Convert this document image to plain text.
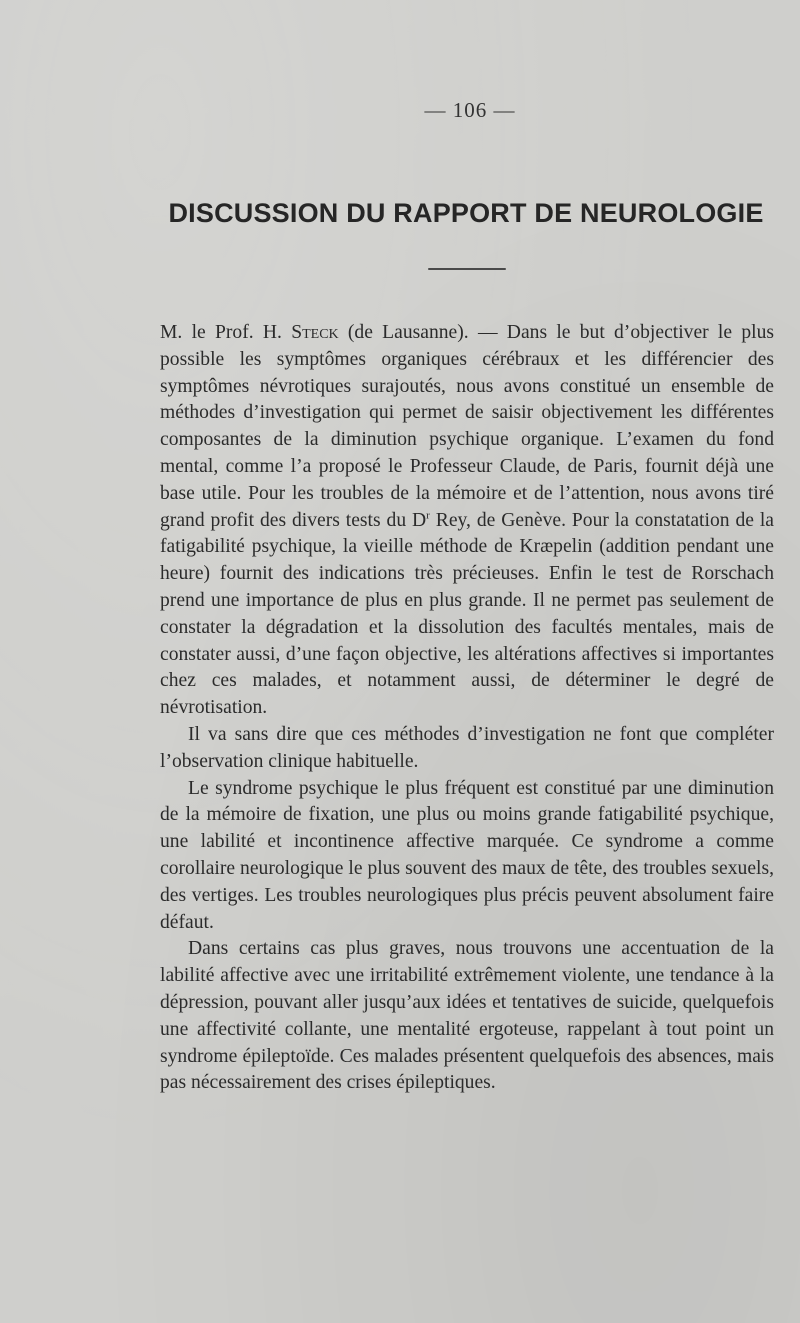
— 106 —
DISCUSSION DU RAPPORT DE NEUROLOGIE

M. le Prof. H. Steck (de Lausanne). — Dans le but d’objectiver le plus possible les symptômes organiques cérébraux et les différencier des symptômes névrotiques surajoutés, nous avons constitué un ensemble de méthodes d’investigation qui permet de saisir objectivement les différentes composantes de la diminution psychique organique. L’examen du fond mental, comme l’a proposé le Professeur Claude, de Paris, fournit déjà une base utile. Pour les troubles de la mémoire et de l’attention, nous avons tiré grand profit des divers tests du $D^r$ Rey, de Genève. Pour la constatation de la fatigabilité psychique, la vieille méthode de Kræpelin (addition pendant une heure) fournit des indications très précieuses. Enfin le test de Rorschach prend une importance de plus en plus grande. Il ne permet pas seulement de constater la dégradation et la dissolution des facultés mentales, mais de constater aussi, d’une façon objective, les altérations affectives si importantes chez ces malades, et notamment aussi, de déterminer le degré de névrotisation.

Il va sans dire que ces méthodes d’investigation ne font que compléter l’observation clinique habituelle.

Le syndrome psychique le plus fréquent est constitué par une diminution de la mémoire de fixation, une plus ou moins grande fatigabilité psychique, une labilité et incontinence affective marquée. Ce syndrome a comme corollaire neurologique le plus souvent des maux de tête, des troubles sexuels, des vertiges. Les troubles neurologiques plus précis peuvent absolument faire défaut.

Dans certains cas plus graves, nous trouvons une accentuation de la labilité affective avec une irritabilité extrêmement violente, une tendance à la dépression, pouvant aller jusqu’aux idées et tentatives de suicide, quelquefois une affectivité collante, une mentalité ergoteuse, rappelant à tout point un syndrome épileptoïde. Ces malades présentent quelquefois des absences, mais pas nécessairement des crises épileptiques.
